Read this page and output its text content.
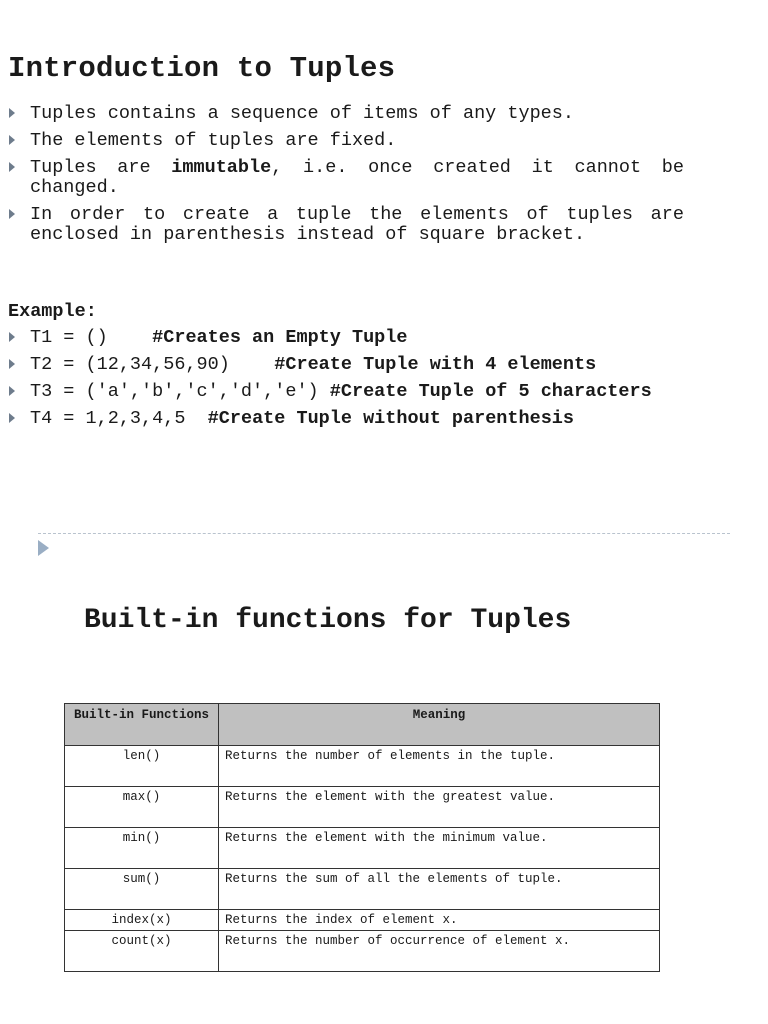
Introduction to Tuples
Tuples contains a sequence of items of any types.
The elements of tuples are fixed.
Tuples are immutable, i.e. once created it cannot be changed.
In order to create a tuple the elements of tuples are enclosed in parenthesis instead of square bracket.

Example:

T1 = () #Creates an Empty Tuple
T2 = (12,34,56,90) #Create Tuple with 4 elements
T3 = ('a','b','c','d','e') #Create Tuple of 5 characters
T4 = 1,2,3,4,5 #Create Tuple without parenthesis
Built-in functions for Tuples
Built-in Functions	Meaning
len()	Returns the number of elements in the tuple.
max()	Returns the element with the greatest value.
min()	Returns the element with the minimum value.
sum()	Returns the sum of all the elements of tuple.
index(x)	Returns the index of element x.
count(x)	Returns the number of occurrence of element x.
